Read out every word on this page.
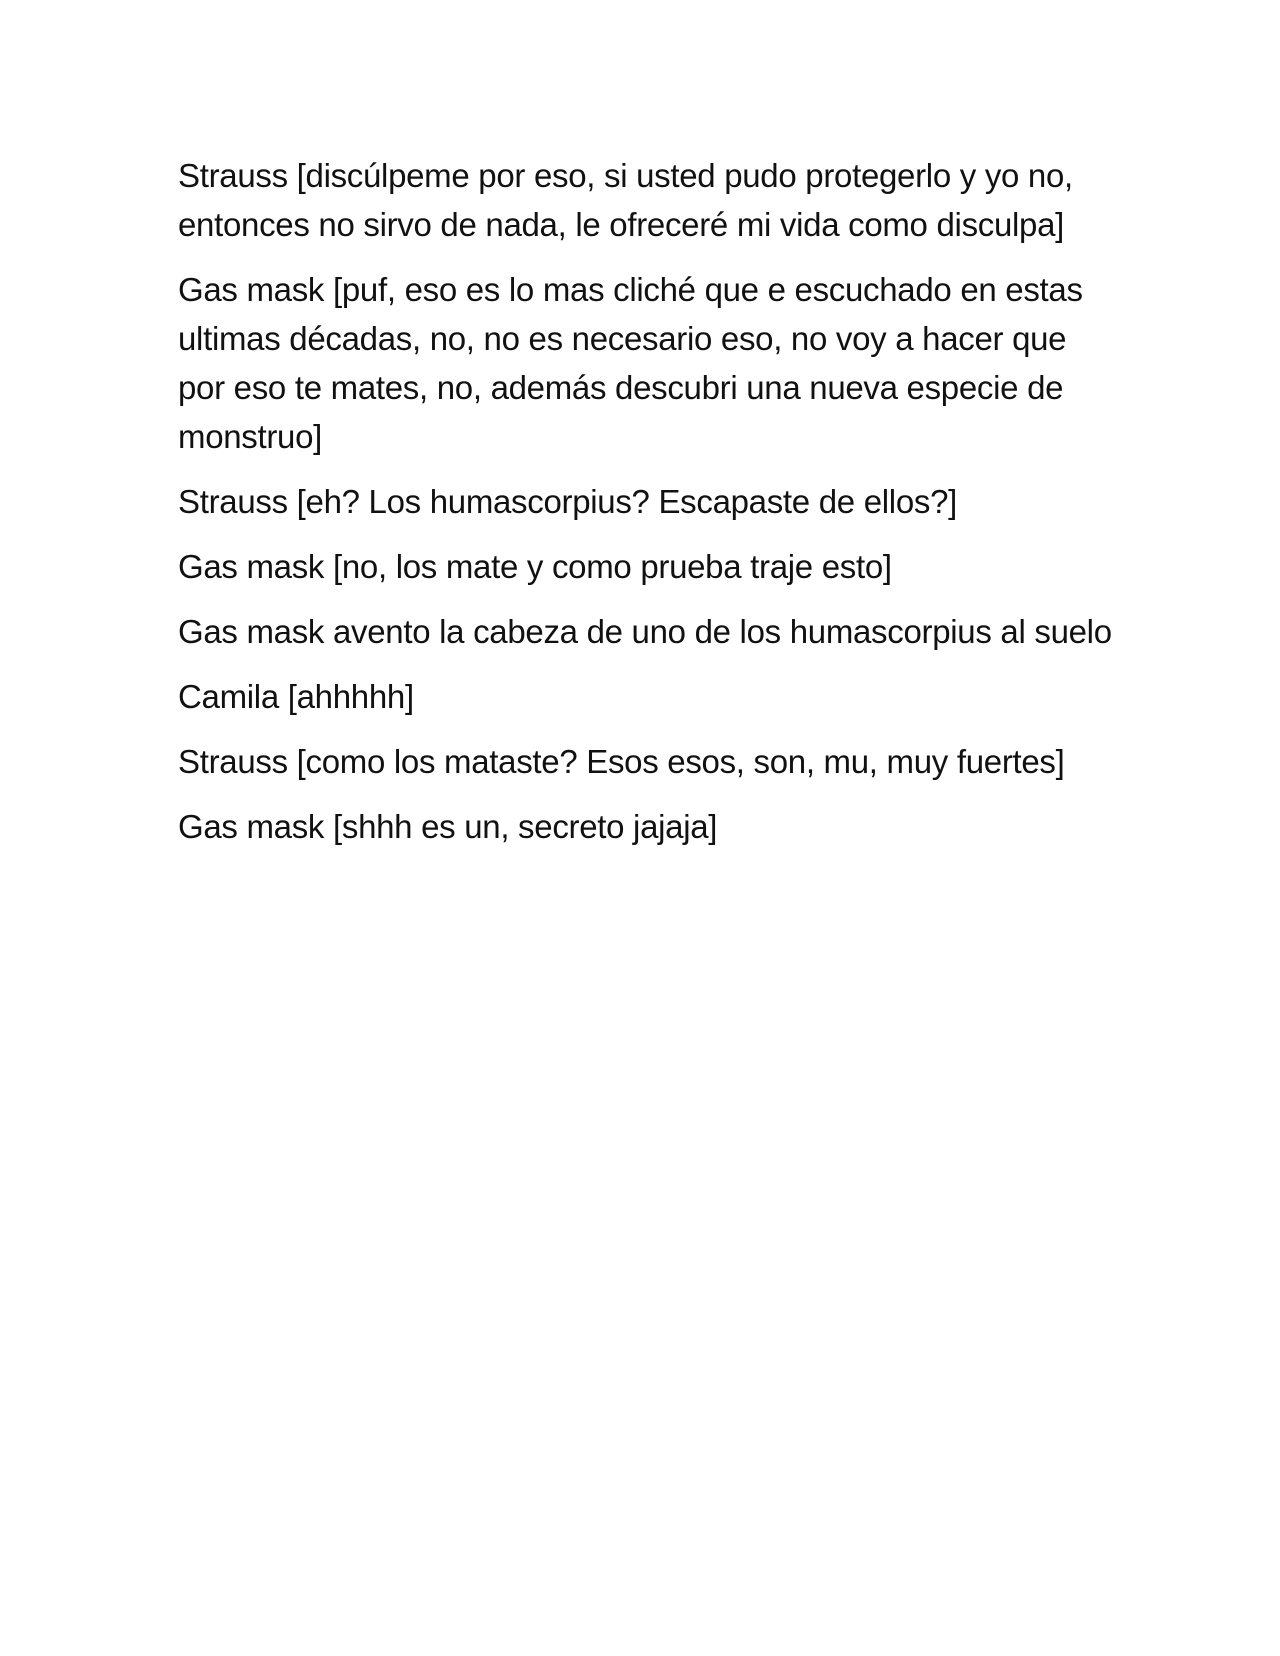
Strauss [discúlpeme por eso, si usted pudo protegerlo y yo no, entonces no sirvo de nada, le ofreceré mi vida como disculpa]

Gas mask [puf, eso es lo mas cliché que e escuchado en estas ultimas décadas, no, no es necesario eso, no voy a hacer que por eso te mates, no, además descubri una nueva especie de monstruo]

Strauss [eh? Los humascorpius? Escapaste de ellos?]

Gas mask [no, los mate y como prueba traje esto]

Gas mask avento la cabeza de uno de los humascorpius al suelo

Camila [ahhhhh]

Strauss [como los mataste? Esos esos, son, mu, muy fuertes]

Gas mask [shhh es un, secreto jajaja]
